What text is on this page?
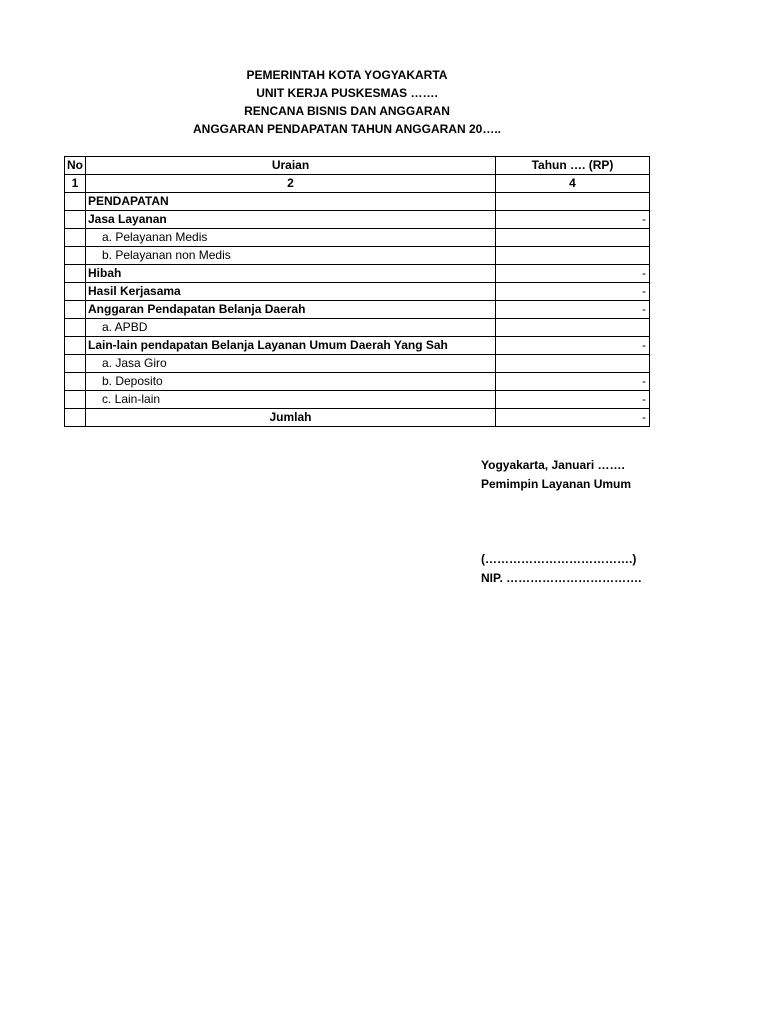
PEMERINTAH KOTA YOGYAKARTA
UNIT KERJA PUSKESMAS …….
RENCANA BISNIS DAN ANGGARAN
ANGGARAN PENDAPATAN TAHUN ANGGARAN 20…..
No	Uraian	Tahun …. (RP)
1	2	4
	PENDAPATAN	
	Jasa Layanan	-
	a. Pelayanan Medis	
	b. Pelayanan non Medis	
	Hibah	-
	Hasil Kerjasama	-
	Anggaran Pendapatan Belanja Daerah	-
	a. APBD	
	Lain-lain pendapatan Belanja Layanan Umum Daerah Yang Sah	-
	a. Jasa Giro	
	b. Deposito	-
	c. Lain-lain	-
	Jumlah	-
Yogyakarta, Januari …….
Pemimpin Layanan Umum
(……………………………….)
NIP. …………………………….
